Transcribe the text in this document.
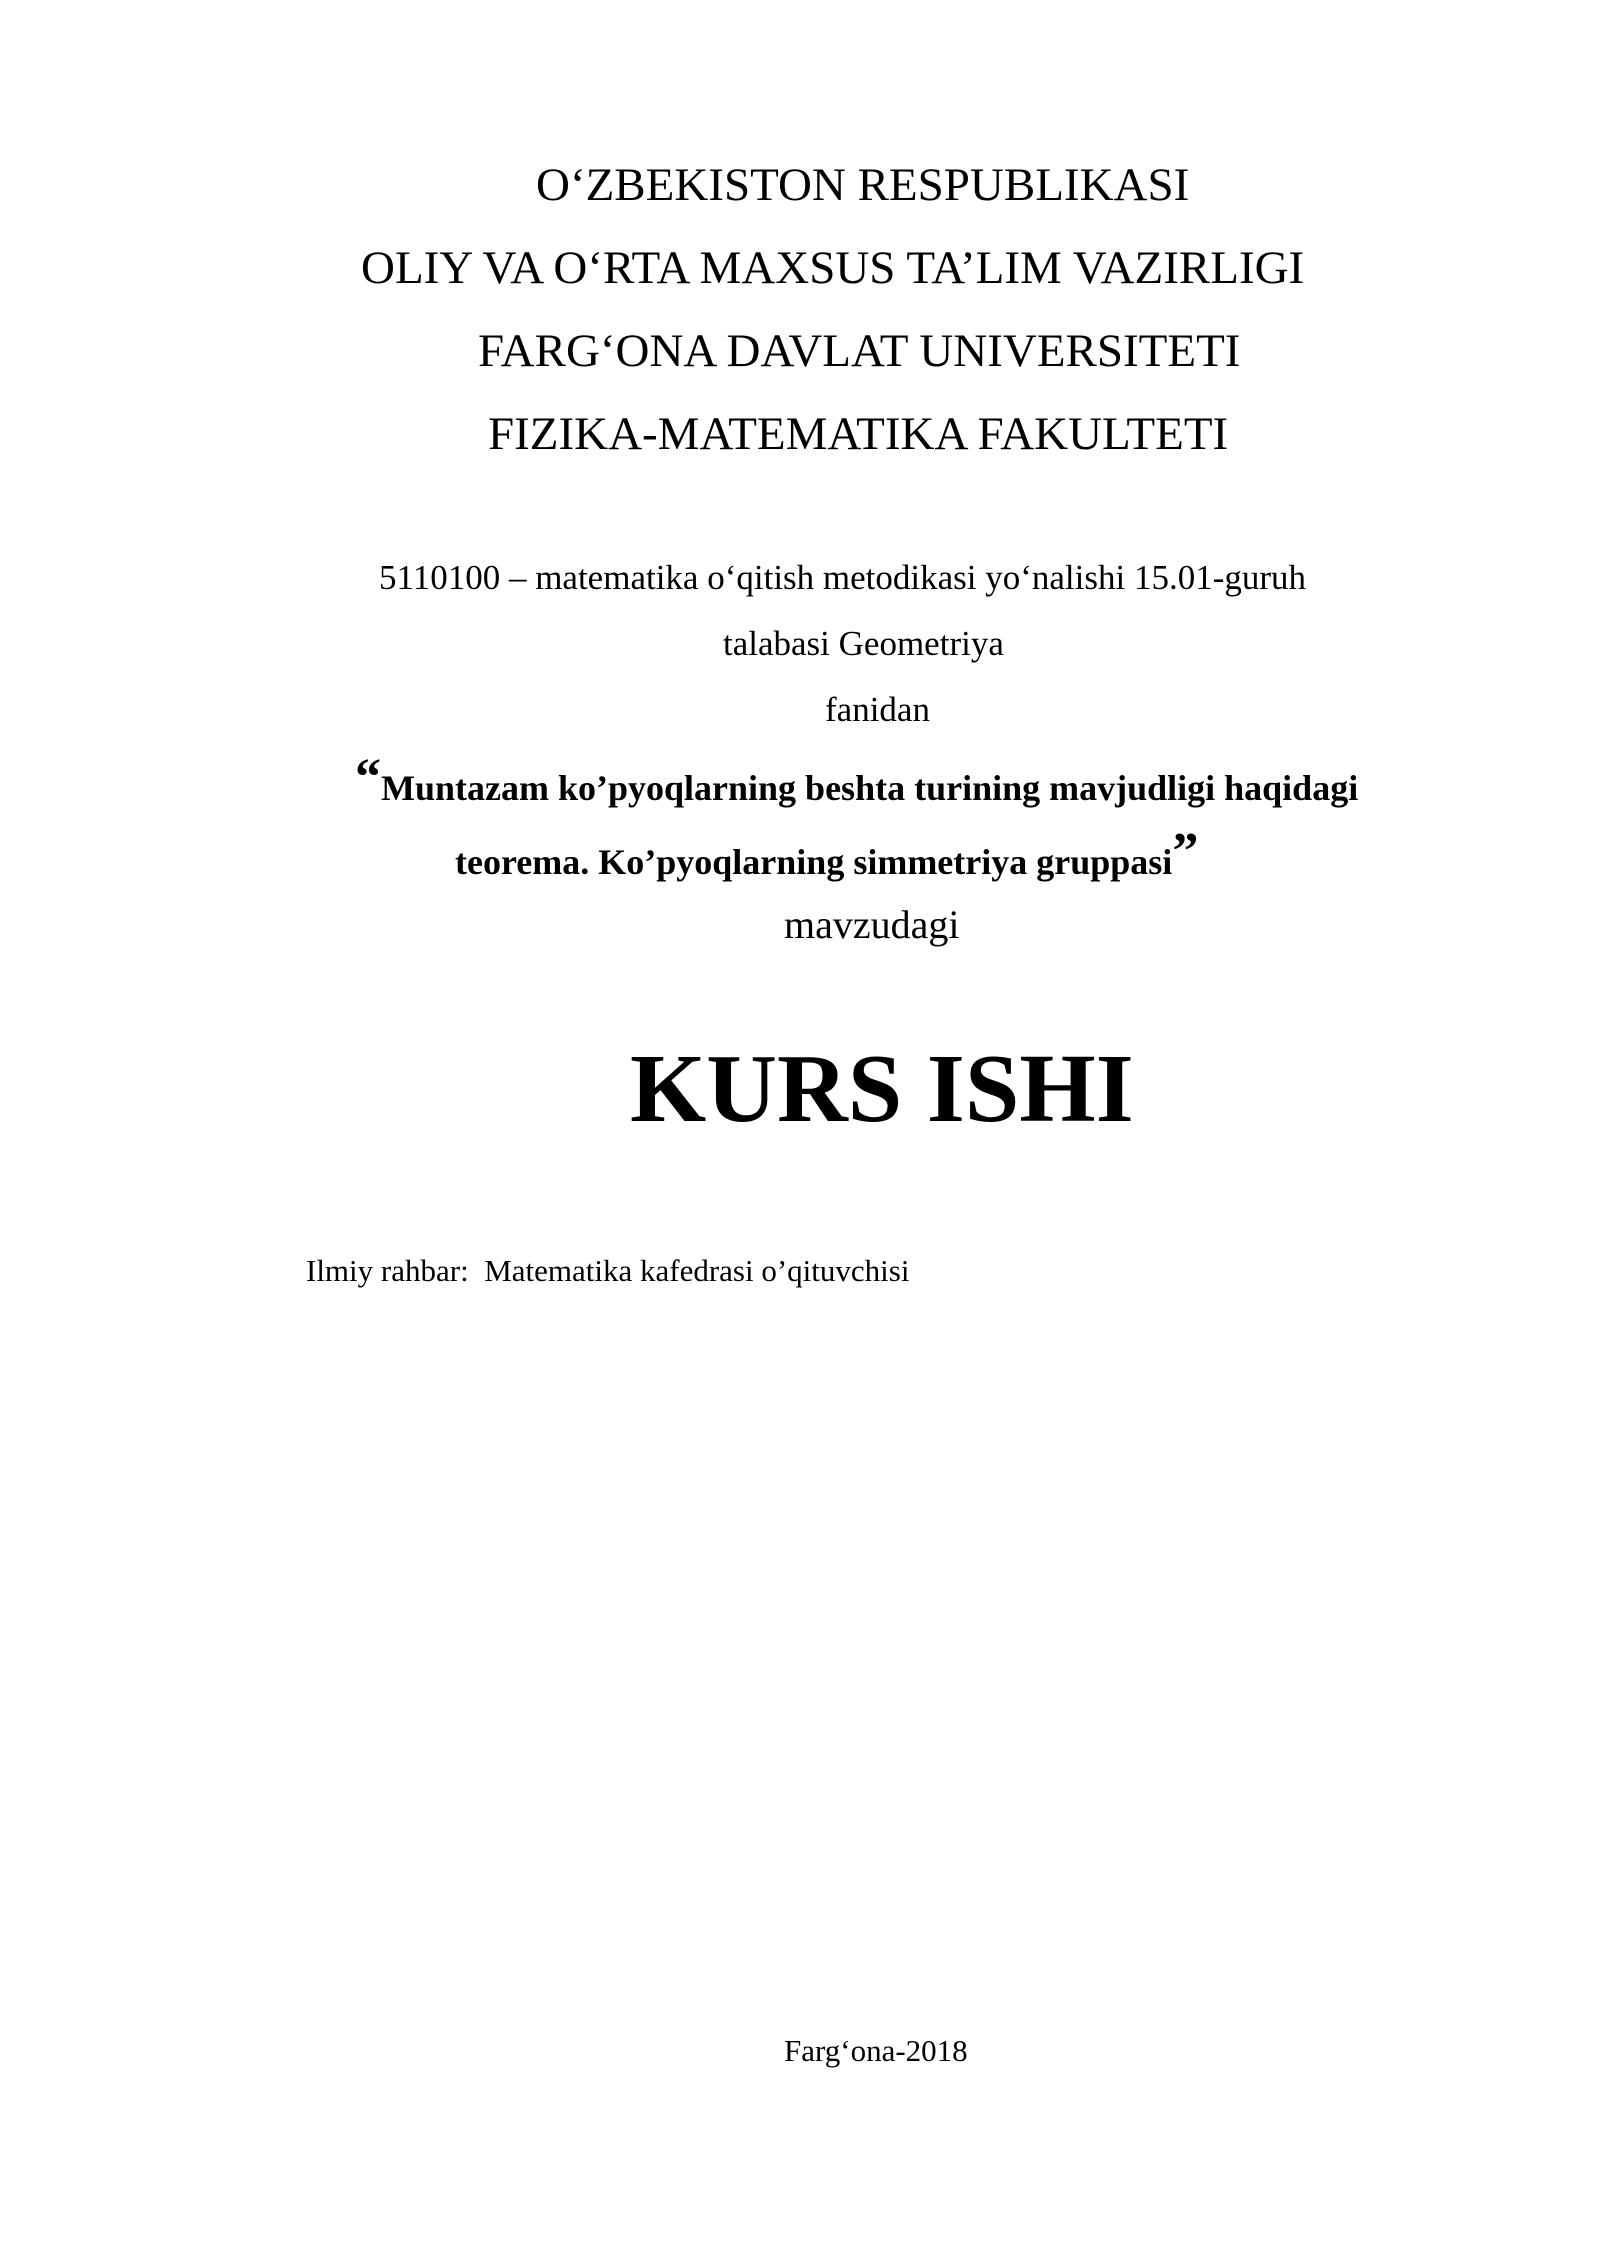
O‘ZBEKISTON RESPUBLIKASI
OLIY VA O‘RTA MAXSUS TA’LIM VAZIRLIGI
FARG‘ONA DAVLAT UNIVERSITETI
FIZIKA-MATEMATIKA FAKULTETI
5110100 – matematika o‘qitish metodikasi yo‘nalishi 15.01-guruh
talabasi Geometriya
fanidan
“Muntazam ko’pyoqlarning beshta turining mavjudligi haqidagi
teorema. Ko’pyoqlarning simmetriya gruppasi”
mavzudagi
KURS ISHI
Ilmiy rahbar: Matematika kafedrasi o’qituvchisi
Farg‘ona-2018
